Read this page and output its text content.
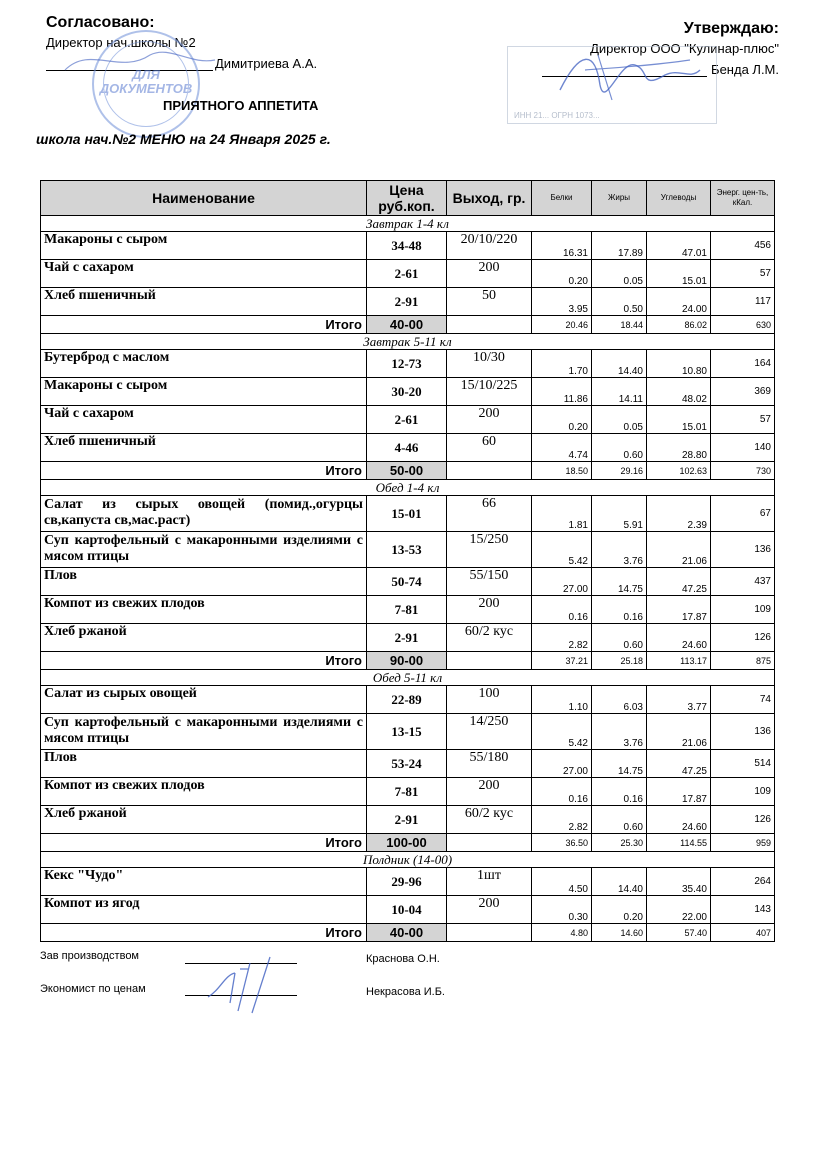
Согласовано:
Директор нач.школы №2
Димитриева А.А.
Утверждаю:
Директор ООО "Кулинар-плюс"
Бенда Л.М.
ДЛЯ ДОКУМЕНТОВ
ИНН 21... ОГРН 1073...
ПРИЯТНОГО АППЕТИТА
школа нач.№2 МЕНЮ на 24 Января 2025 г.
Наименование	Цена руб.коп.	Выход, гр.	Белки	Жиры	Углеводы	Энерг. цен-ть, кКал.
Завтрак 1-4 кл						
Макароны с сыром	34-48	20/10/220	16.31	17.89	47.01	456
Чай с сахаром	2-61	200	0.20	0.05	15.01	57
Хлеб пшеничный	2-91	50	3.95	0.50	24.00	117
Итого	40-00		20.46	18.44	86.02	630
Завтрак 5-11 кл						
Бутерброд с маслом	12-73	10/30	1.70	14.40	10.80	164
Макароны с сыром	30-20	15/10/225	11.86	14.11	48.02	369
Чай с сахаром	2-61	200	0.20	0.05	15.01	57
Хлеб пшеничный	4-46	60	4.74	0.60	28.80	140
Итого	50-00		18.50	29.16	102.63	730
Обед 1-4 кл						
Салат из сырых овощей (помид.,огурцы св,капуста св,мас.раст)	15-01	66	1.81	5.91	2.39	67
Суп картофельный с макаронными изделиями с мясом птицы	13-53	15/250	5.42	3.76	21.06	136
Плов	50-74	55/150	27.00	14.75	47.25	437
Компот из свежих плодов	7-81	200	0.16	0.16	17.87	109
Хлеб ржаной	2-91	60/2 кус	2.82	0.60	24.60	126
Итого	90-00		37.21	25.18	113.17	875
Обед 5-11 кл						
Салат из сырых овощей	22-89	100	1.10	6.03	3.77	74
Суп картофельный с макаронными изделиями с мясом птицы	13-15	14/250	5.42	3.76	21.06	136
Плов	53-24	55/180	27.00	14.75	47.25	514
Компот из свежих плодов	7-81	200	0.16	0.16	17.87	109
Хлеб ржаной	2-91	60/2 кус	2.82	0.60	24.60	126
Итого	100-00		36.50	25.30	114.55	959
Полдник (14-00)						
Кекс "Чудо"	29-96	1шт	4.50	14.40	35.40	264
Компот из ягод	10-04	200	0.30	0.20	22.00	143
Итого	40-00		4.80	14.60	57.40	407
Зав производством	Краснова О.Н.
Экономист по ценам	Некрасова И.Б.
